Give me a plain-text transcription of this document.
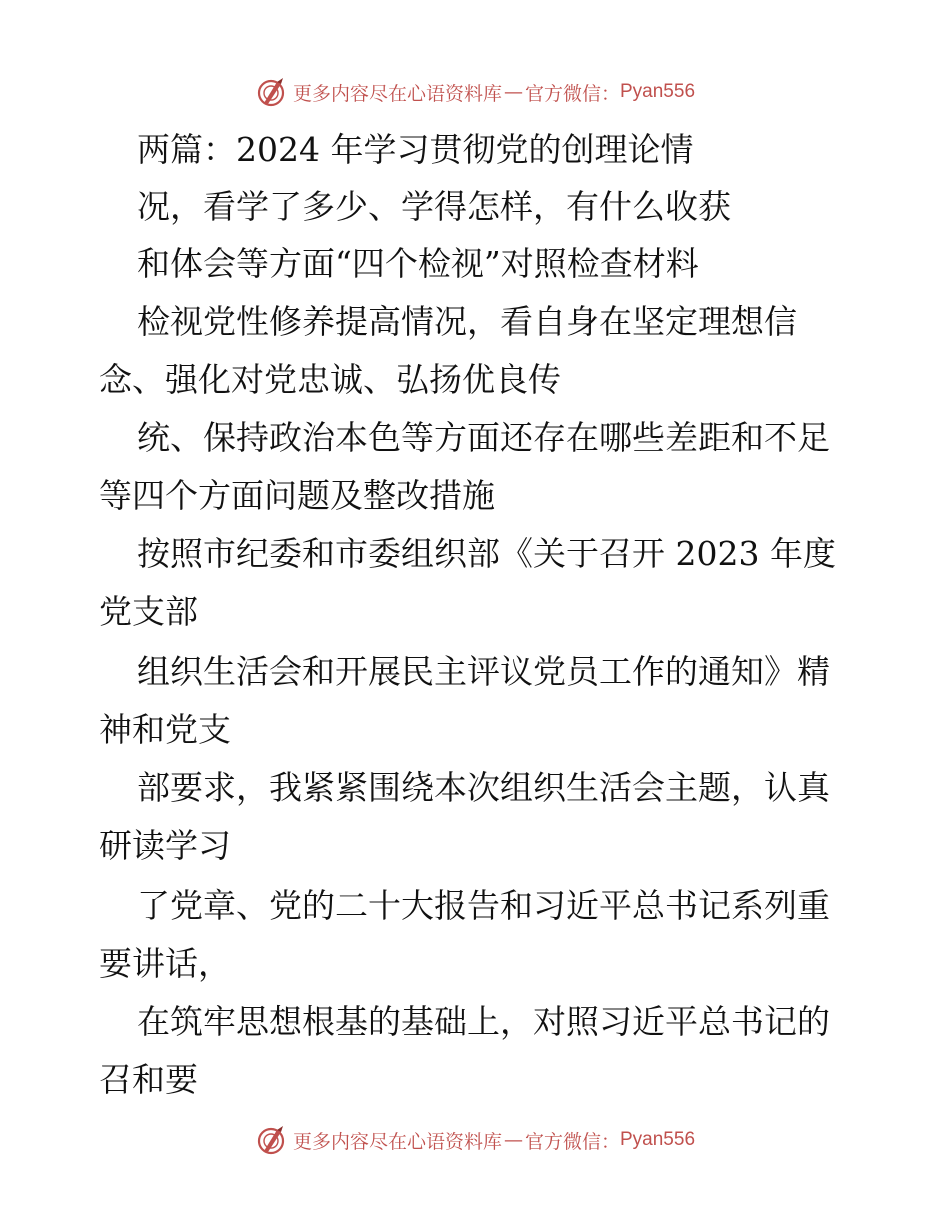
更多内容尽在心语资料库 — 官方微信： Pyan556
两篇：2024 年学习贯彻党的创理论情
况，看学了多少、学得怎样，有什么收获
和体会等方面“四个检视”对照检查材料
检视党性修养提高情况，看自身在坚定理想信
念、强化对党忠诚、弘扬优良传
统、保持政治本色等方面还存在哪些差距和不足
等四个方面问题及整改措施
按照市纪委和市委组织部《关于召开 2023 年度
党支部
组织生活会和开展民主评议党员工作的通知》精
神和党支
部要求，我紧紧围绕本次组织生活会主题，认真
研读学习
了党章、党的二十大报告和习近平总书记系列重
要讲话，
在筑牢思想根基的基础上，对照习近平总书记的
召和要
更多内容尽在心语资料库 — 官方微信： Pyan556
